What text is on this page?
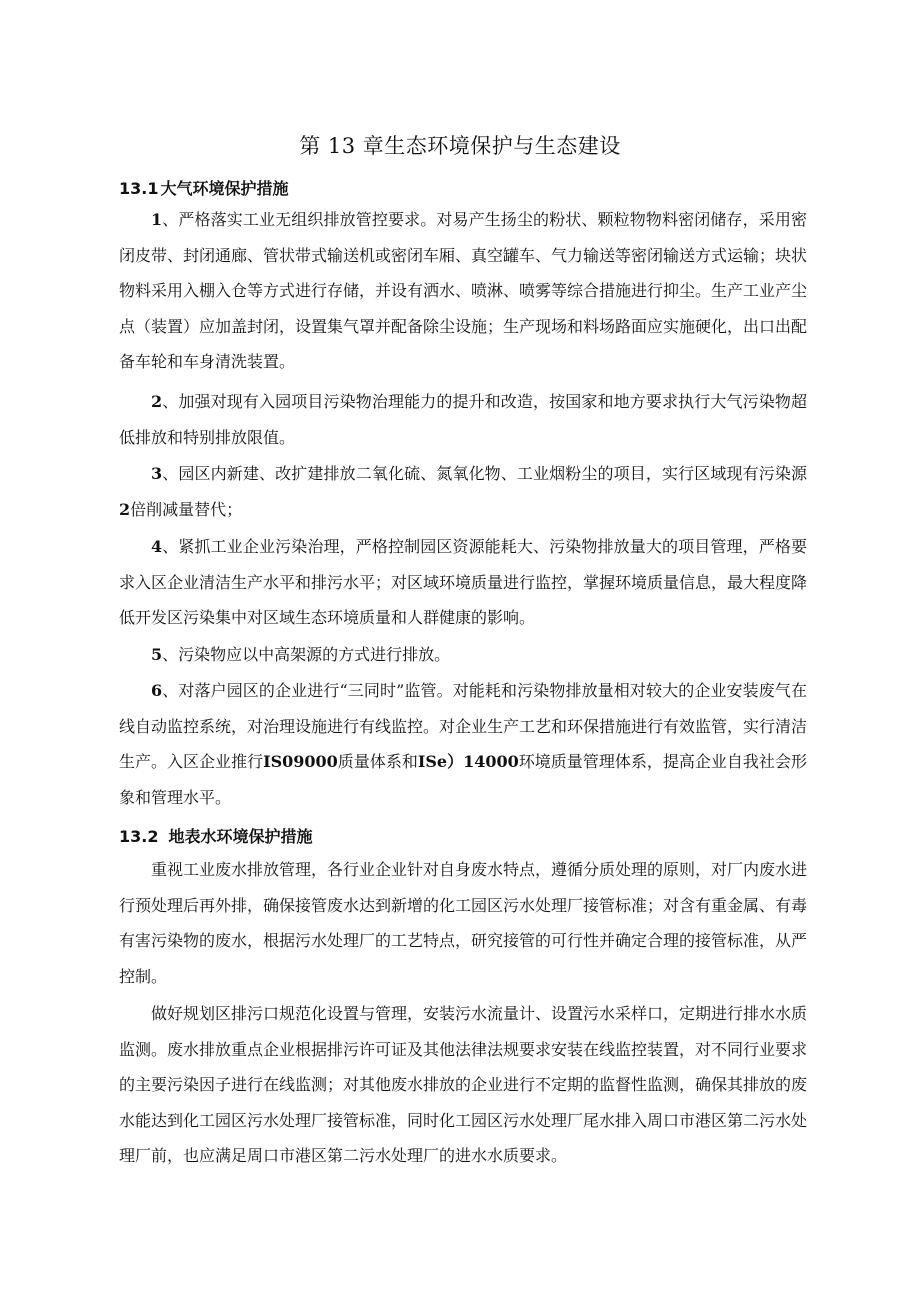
第 13 章生态环境保护与生态建设
13.1 大气环境保护措施
1、严格落实工业无组织排放管控要求。对易产生扬尘的粉状、颗粒物物料密闭储存，采用密闭皮带、封闭通廊、管状带式输送机或密闭车厢、真空罐车、气力输送等密闭输送方式运输；块状物料采用入棚入仓等方式进行存储，并设有洒水、喷淋、喷雾等综合措施进行抑尘。生产工业产尘点（装置）应加盖封闭，设置集气罩并配备除尘设施；生产现场和料场路面应实施硬化，出口出配备车轮和车身清洗装置。
2、加强对现有入园项目污染物治理能力的提升和改造，按国家和地方要求执行大气污染物超低排放和特别排放限值。
3、园区内新建、改扩建排放二氧化硫、氮氧化物、工业烟粉尘的项目，实行区域现有污染源2倍削减量替代；
4、紧抓工业企业污染治理，严格控制园区资源能耗大、污染物排放量大的项目管理，严格要求入区企业清洁生产水平和排污水平；对区域环境质量进行监控，掌握环境质量信息，最大程度降低开发区污染集中对区域生态环境质量和人群健康的影响。
5、污染物应以中高架源的方式进行排放。
6、对落户园区的企业进行“三同时”监管。对能耗和污染物排放量相对较大的企业安装废气在线自动监控系统，对治理设施进行有线监控。对企业生产工艺和环保措施进行有效监管，实行清洁生产。入区企业推行IS09000质量体系和ISe）14000环境质量管理体系，提高企业自我社会形象和管理水平。
13.2 地表水环境保护措施
重视工业废水排放管理，各行业企业针对自身废水特点，遵循分质处理的原则，对厂内废水进行预处理后再外排，确保接管废水达到新增的化工园区污水处理厂接管标准；对含有重金属、有毒有害污染物的废水，根据污水处理厂的工艺特点，研究接管的可行性并确定合理的接管标准，从严控制。
做好规划区排污口规范化设置与管理，安装污水流量计、设置污水采样口，定期进行排水水质监测。废水排放重点企业根据排污许可证及其他法律法规要求安装在线监控装置，对不同行业要求的主要污染因子进行在线监测；对其他废水排放的企业进行不定期的监督性监测，确保其排放的废水能达到化工园区污水处理厂接管标准，同时化工园区污水处理厂尾水排入周口市港区第二污水处理厂前，也应满足周口市港区第二污水处理厂的进水水质要求。
